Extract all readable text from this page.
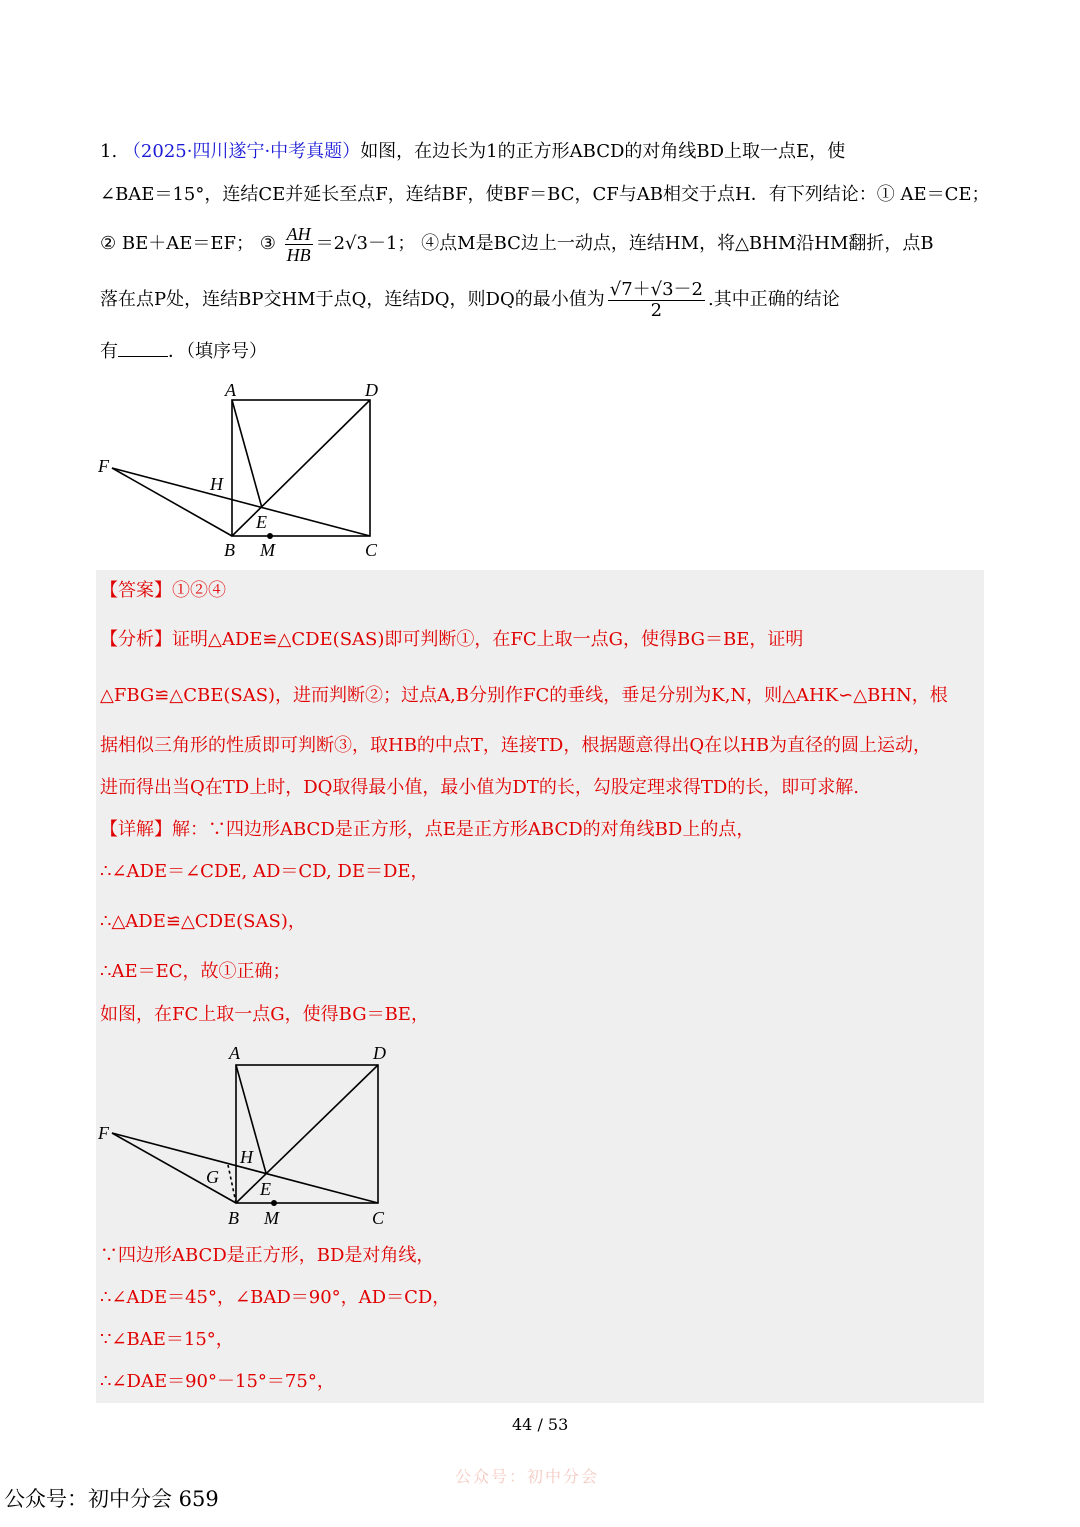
1. （2025·四川遂宁·中考真题）如图，在边长为1的正方形ABCD的对角线BD上取一点E，使
∠BAE＝15°，连结CE并延长至点F，连结BF，使BF＝BC，CF与AB相交于点H．有下列结论：① AE＝CE；
② BE＋AE＝EF； ③ $\frac{AH}{HB} =2√3-1$； ④点M是BC边上一动点，连结HM，将△BHM沿HM翻折，点B
落在点P处，连结BP交HM于点Q，连结DQ，则DQ的最小值为 $\frac{√7+√3-2}{2}$ .其中正确的结论
有	．（填序号）
A	D
F
H
E
B M	C
【答案】①②④
【分析】证明△ADE≌△CDE(SAS)即可判断①，在FC上取一点G，使得BG＝BE，证明
△FBG≌△CBE(SAS)，进而判断②；过点A,B分别作FC的垂线，垂足分别为K,N，则△AHK∽△BHN，根
据相似三角形的性质即可判断③，取HB的中点T，连接TD，根据题意得出Q在以HB为直径的圆上运动，
进而得出当Q在TD上时，DQ取得最小值，最小值为DT的长，勾股定理求得TD的长，即可求解.
【详解】解：∵四边形ABCD是正方形，点E是正方形ABCD的对角线BD上的点，
∴∠ADE＝∠CDE, AD＝CD, DE＝DE，
∴△ADE≌△CDE(SAS)，
∴AE＝EC，故①正确；
如图，在FC上取一点G，使得BG＝BE，
A	D
F
H
G
E
B M	C
∵四边形ABCD是正方形，BD是对角线，
∴∠ADE＝45°，∠BAD＝90°，AD＝CD，
∵∠BAE＝15°，
∴∠DAE＝90°－15°＝75°，
44 / 53
公众号：初中分会
公众号：初中分会 659
